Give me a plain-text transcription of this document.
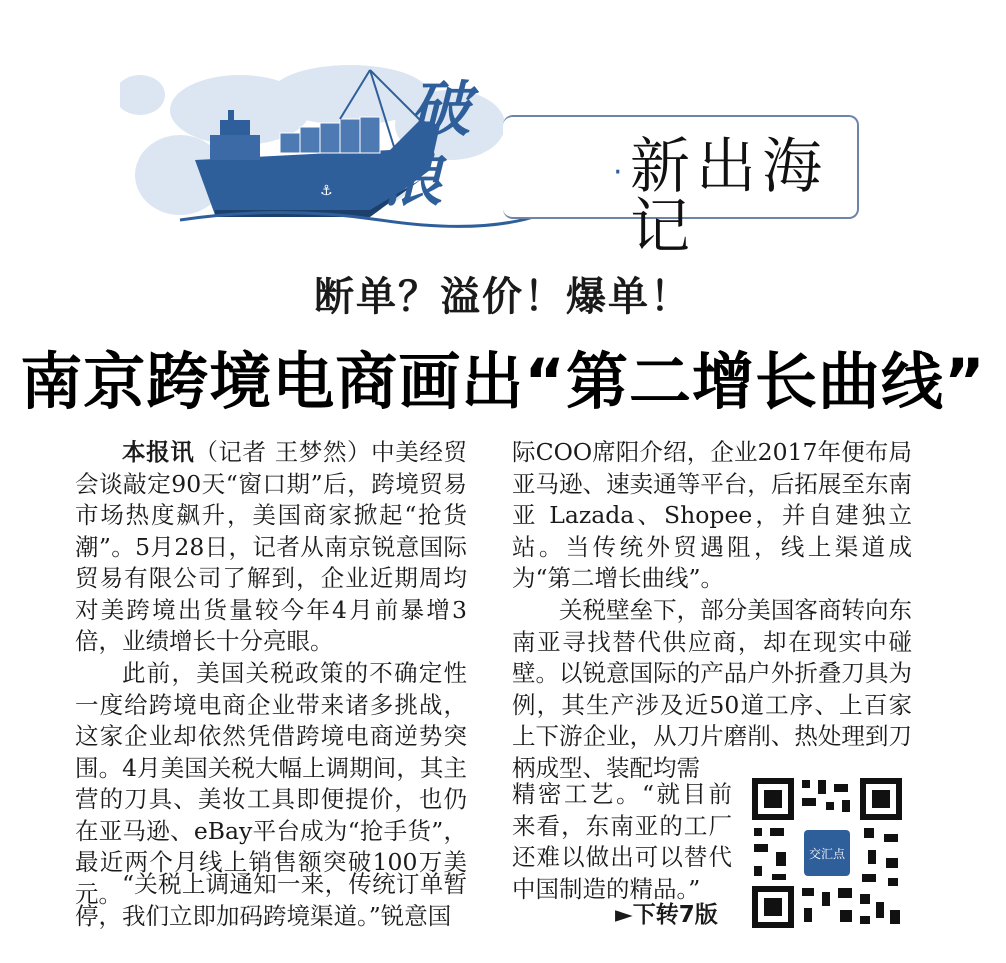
⚓
破
浪	· 新出海记
断单？溢价！爆单！
南京跨境电商画出“第二增长曲线”

本报讯（记者 王梦然）中美经贸会谈敲定90天“窗口期”后，跨境贸易市场热度飙升，美国商家掀起“抢货潮”。5月28日，记者从南京锐意国际贸易有限公司了解到，企业近期周均对美跨境出货量较今年4月前暴增3倍，业绩增长十分亮眼。

此前，美国关税政策的不确定性一度给跨境电商企业带来诸多挑战，这家企业却依然凭借跨境电商逆势突围。4月美国关税大幅上调期间，其主营的刀具、美妆工具即便提价，也仍在亚马逊、eBay平台成为“抢手货”，最近两个月线上销售额突破100万美元。 “关税上调通知一来，传统订单暂停，我们立即加码跨境渠道。”锐意国

际COO席阳介绍，企业2017年便布局亚马逊、速卖通等平台，后拓展至东南亚 Lazada、Shopee，并自建独立站。当传统外贸遇阻，线上渠道成为“第二增长曲线”。

关税壁垒下，部分美国客商转向东南亚寻找替代供应商，却在现实中碰壁。以锐意国际的产品户外折叠刀具为例，其生产涉及近50道工序、上百家上下游企业，从刀片磨削、热处理到刀柄成型、装配均需

精密工艺。“就目前来看，东南亚的工厂还难以做出可以替代中国制造的精品。”

交汇点
►下转7版
